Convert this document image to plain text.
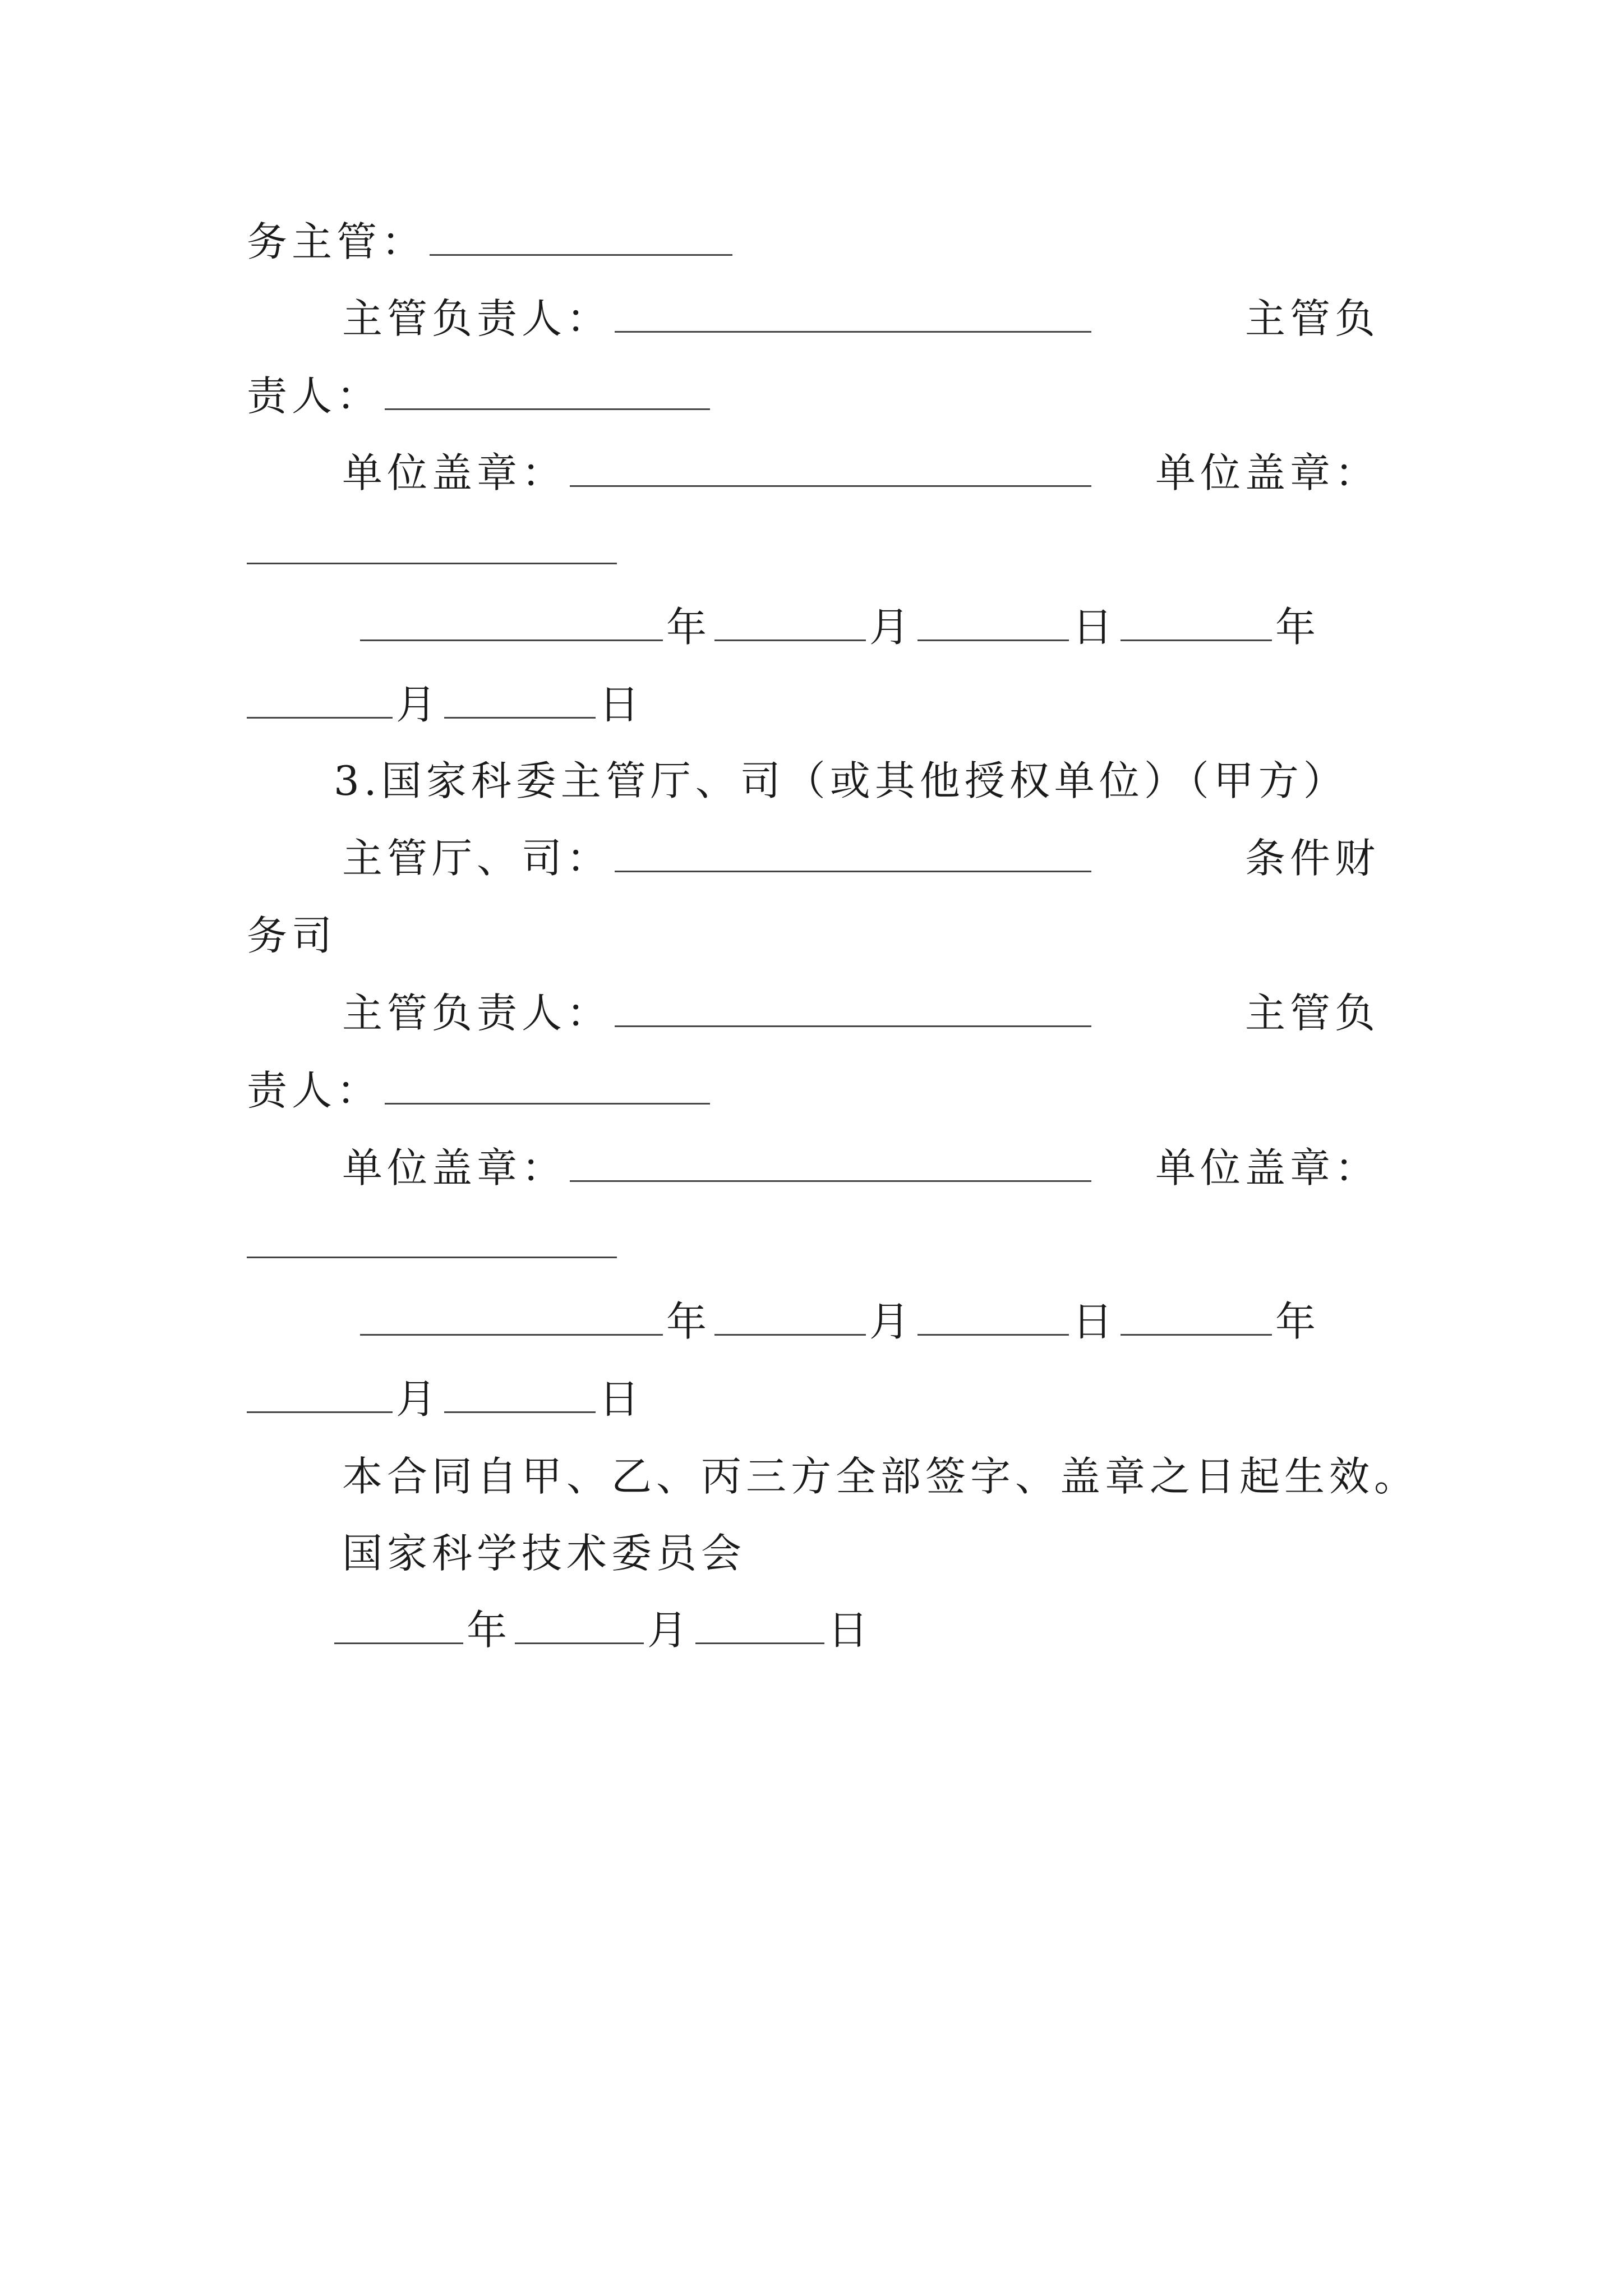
务主管：
主管负责人：	主管负
责人：
单位盖章：	单位盖章：
年	月	日	年
月	日
3.国家科委主管厅、司（或其他授权单位）（甲方）
主管厅、司：	条件财
务司
主管负责人：	主管负
责人：
单位盖章：	单位盖章：
年	月	日	年
月	日
本合同自甲、乙、丙三方全部签字、盖章之日起生效。
国家科学技术委员会
年	月	日
